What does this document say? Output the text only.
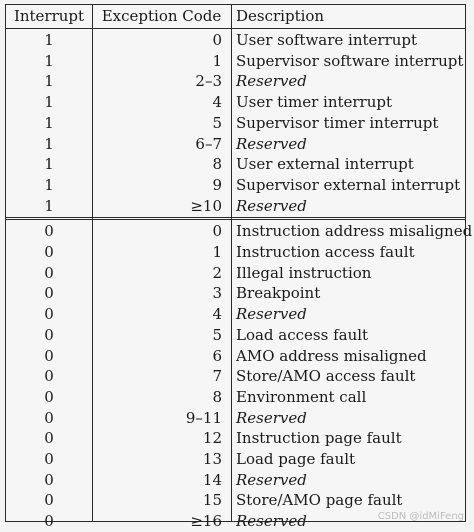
Interrupt	Exception Code Description
1	0 User software interrupt
1	1 Supervisor software interrupt
1	2–3 Reserved
1	4 User timer interrupt
1	5 Supervisor timer interrupt
1	6–7 Reserved
1	8 User external interrupt
1	9 Supervisor external interrupt
1	≥10 Reserved
0	0 Instruction address misaligned
0	1 Instruction access fault
0	2 Illegal instruction
0	3 Breakpoint
0	4 Reserved
0	5 Load access fault
0	6 AMO address misaligned
0	7 Store/AMO access fault
0	8 Environment call
0	9–11 Reserved
0	12 Instruction page fault
0	13 Load page fault
0	14 Reserved
0	15 Store/AMO page fault
0	≥16 Reserved	CSDN @idMiFeng
